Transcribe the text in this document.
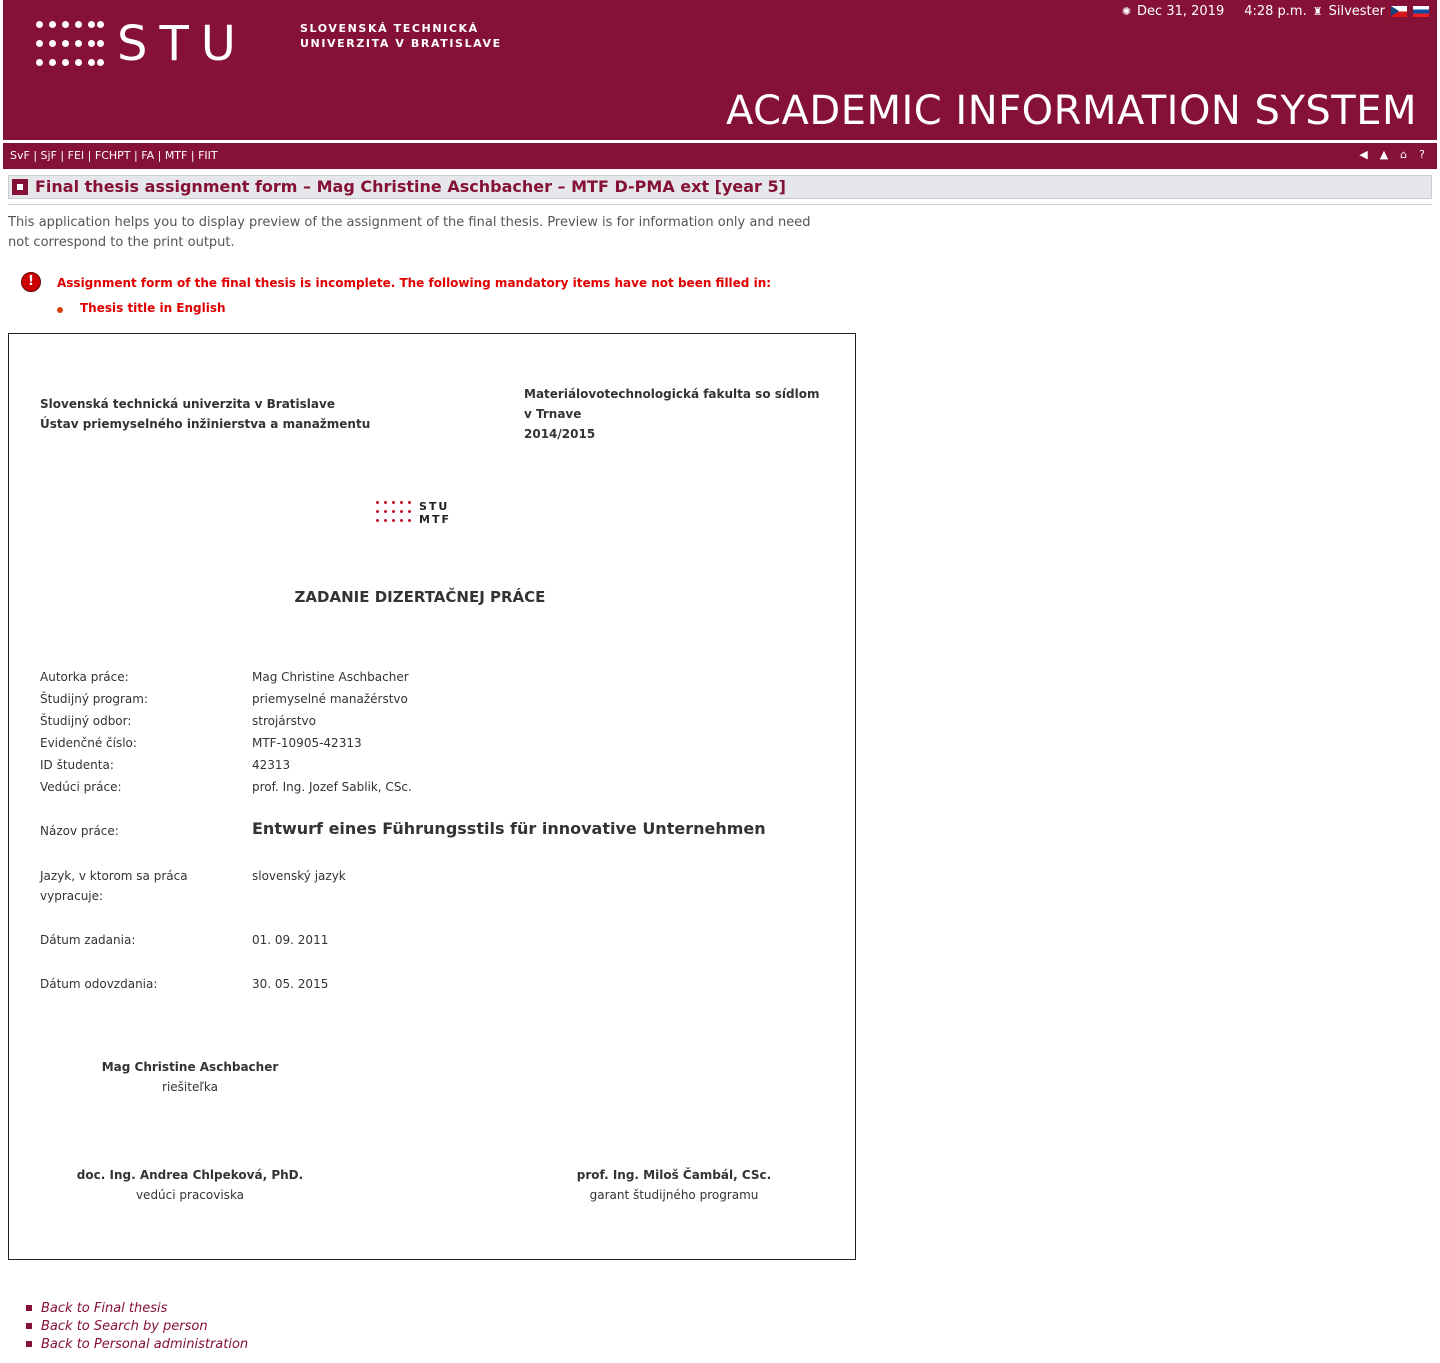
STU	SLOVENSKÁ TECHNICKÁ
UNIVERZITA V BRATISLAVE
✺ Dec 31, 2019 4:28 p.m. ♜ Silvester
ACADEMIC INFORMATION SYSTEM
SvF | SjF | FEI | FCHPT | FA | MTF | FIIT	◀ ▲ ⌂ ?
Final thesis assignment form – Mag Christine Aschbacher – MTF D-PMA ext [year 5]
This application helps you to display preview of the assignment of the final thesis. Preview is for information only and need not correspond to the print output.
!	Assignment form of the final thesis is incomplete. The following mandatory items have not been filled in:
Thesis title in English
Slovenská technická univerzita v Bratislave
Ústav priemyselného inžinierstva a manažmentu
Materiálovotechnologická fakulta so sídlom
v Trnave
2014/2015
STU
MTF
ZADANIE DIZERTAČNEJ PRÁCE
Autorka práce:	Mag Christine Aschbacher
Študijný program:	priemyselné manažérstvo
Študijný odbor:	strojárstvo
Evidenčné číslo:	MTF-10905-42313
ID študenta:	42313
Vedúci práce:	prof. Ing. Jozef Sablik, CSc.
Názov práce:	Entwurf eines Führungsstils für innovative Unternehmen
Jazyk, v ktorom sa práca
vypracuje:
slovenský jazyk
Dátum zadania:	01. 09. 2011
Dátum odovzdania:	30. 05. 2015
Mag Christine Aschbacher
riešiteľka
doc. Ing. Andrea Chlpeková, PhD.
vedúci pracoviska
prof. Ing. Miloš Čambál, CSc.
garant študijného programu
Back to Final thesis
Back to Search by person
Back to Personal administration
